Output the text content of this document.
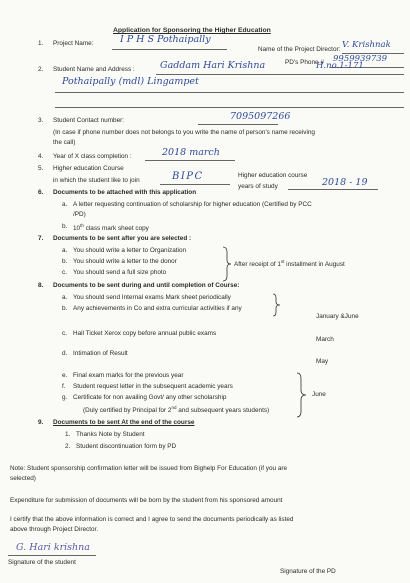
Application for Sponsoring the Higher Education
1. Project Name:	I P H S Pothaipally
Name of the Project Director: V. Krishnak
PD's Phone # 9959939739
2. Student Name and Address :	Gaddam Hari Krishna	H.no.1-171
Pothaipally (mdl) Lingampet
3. Student Contact number:	7095097266
(In case if phone number does not belongs to you write the name of person's name receiving
the call)
4. Year of X class completion :	2018 march
5. Higher education Course
in which the student like to join	BIPC	Higher education course
years of study	2018 - 19
6. Documents to be attached with this application
a. A letter requesting continuation of scholarship for higher education (Certified by PCC
/PD)
b. 10th class mark sheet copy
7. Documents to be sent after you are selected :
a. You should write a letter to Organization
b. You should write a letter to the donor
c. You should send a full size photo
After receipt of 1st installment in August
8. Documents to be sent during and until completion of Course:
a. You should send Internal exams Mark sheet periodically
b. Any achievements in Co and extra curricular activities if any
January &June
c. Hall Ticket Xerox copy before annual public exams
March
d. Intimation of Result
May
e. Final exam marks for the previous year
f. Student request letter in the subsequent academic years
g. Certificate for non availing Govt/ any other scholarship
(Duly certified by Principal for 2nd and subsequent years students)
June
9. Documents to be sent At the end of the course
1. Thanks Note by Student
2. Student discontinuation form by PD
Note: Student sponsorship confirmation letter will be issued from Bighelp For Education (if you are
selected)
Expenditure for submission of documents will be born by the student from his sponsored amount
I certify that the above information is correct and I agree to send the documents periodically as listed
above through Project Director.
G. Hari krishna
Signature of the student
Signature of the PD
